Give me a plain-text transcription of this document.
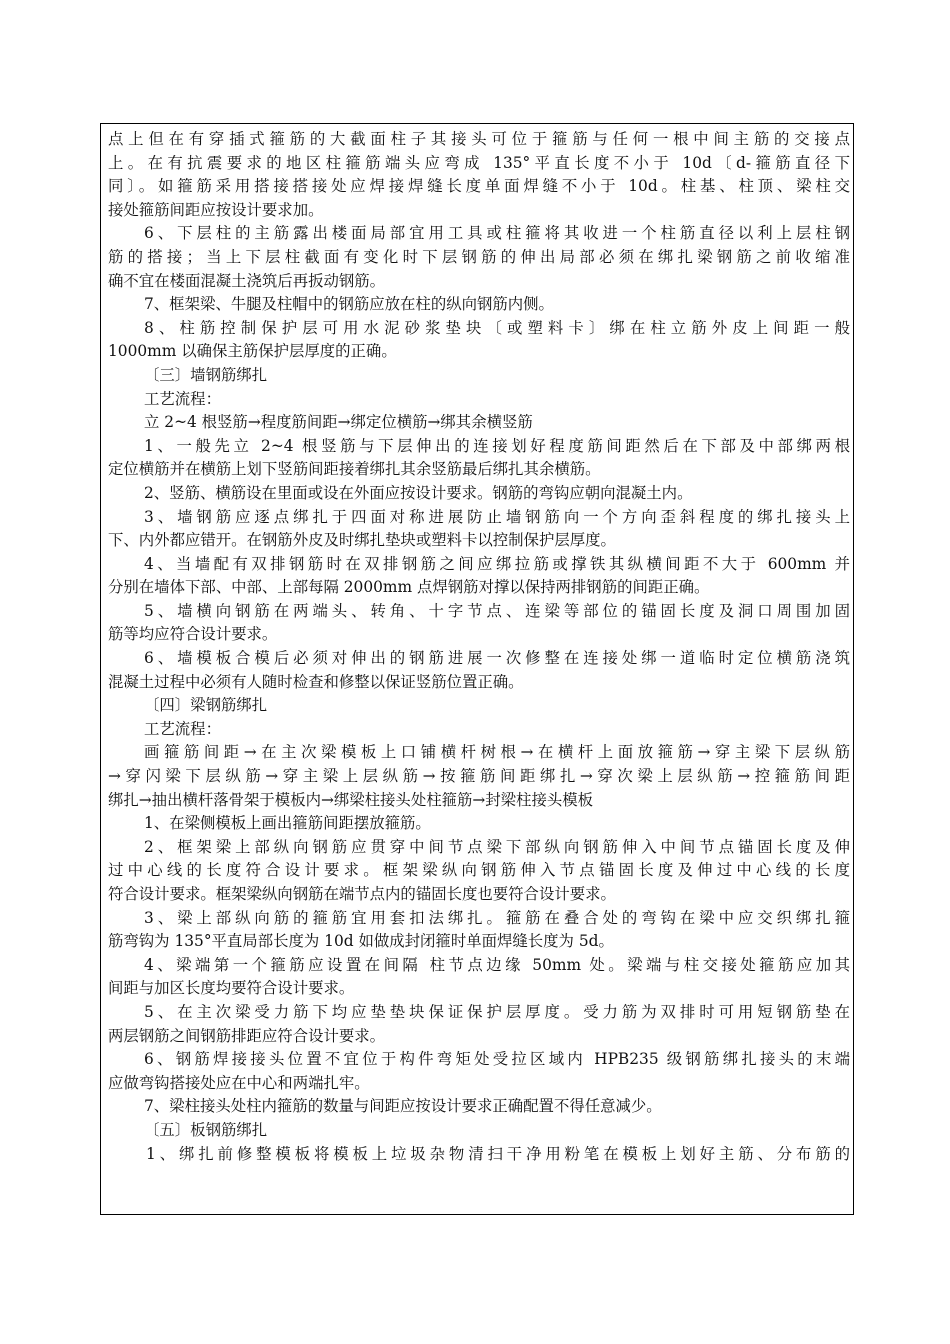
点上但在有穿插式箍筋的大截面柱子其接头可位于箍筋与任何一根中间主筋的交接点
上。在有抗震要求的地区柱箍筋端头应弯成 135°平直长度不小于 10d〔d-箍筋直径下
同〕。如箍筋采用搭接搭接处应焊接焊缝长度单面焊缝不小于 10d。柱基、柱顶、梁柱交
接处箍筋间距应按设计要求加。
6、下层柱的主筋露出楼面局部宜用工具或柱箍将其收进一个柱筋直径以利上层柱钢
筋的搭接；当上下层柱截面有变化时下层钢筋的伸出局部必须在绑扎梁钢筋之前收缩准
确不宜在楼面混凝土浇筑后再扳动钢筋。
7、框架梁、牛腿及柱帽中的钢筋应放在柱的纵向钢筋内侧。
8、柱筋控制保护层可用水泥砂浆垫块〔或塑料卡〕绑在柱立筋外皮上间距一般
1000mm 以确保主筋保护层厚度的正确。
〔三〕墙钢筋绑扎
工艺流程：
立 2~4 根竖筋→程度筋间距→绑定位横筋→绑其余横竖筋
1、一般先立 2~4 根竖筋与下层伸出的连接划好程度筋间距然后在下部及中部绑两根
定位横筋并在横筋上划下竖筋间距接着绑扎其余竖筋最后绑扎其余横筋。
2、竖筋、横筋设在里面或设在外面应按设计要求。钢筋的弯钩应朝向混凝土内。
3、墙钢筋应逐点绑扎于四面对称进展防止墙钢筋向一个方向歪斜程度的绑扎接头上
下、内外都应错开。在钢筋外皮及时绑扎垫块或塑料卡以控制保护层厚度。
4、当墙配有双排钢筋时在双排钢筋之间应绑拉筋或撑铁其纵横间距不大于 600mm 并
分别在墙体下部、中部、上部每隔 2000mm 点焊钢筋对撑以保持两排钢筋的间距正确。
5、墙横向钢筋在两端头、转角、十字节点、连梁等部位的锚固长度及洞口周围加固
筋等均应符合设计要求。
6、墙模板合模后必须对伸出的钢筋进展一次修整在连接处绑一道临时定位横筋浇筑
混凝土过程中必须有人随时检查和修整以保证竖筋位置正确。
〔四〕梁钢筋绑扎
工艺流程：
画箍筋间距→在主次梁模板上口铺横杆树根→在横杆上面放箍筋→穿主梁下层纵筋
→穿闪梁下层纵筋→穿主梁上层纵筋→按箍筋间距绑扎→穿次梁上层纵筋→控箍筋间距
绑扎→抽出横杆落骨架于模板内→绑梁柱接头处柱箍筋→封梁柱接头模板
1、在梁侧模板上画出箍筋间距摆放箍筋。
2、框架梁上部纵向钢筋应贯穿中间节点梁下部纵向钢筋伸入中间节点锚固长度及伸
过中心线的长度符合设计要求。框架梁纵向钢筋伸入节点锚固长度及伸过中心线的长度
符合设计要求。框架梁纵向钢筋在端节点内的锚固长度也要符合设计要求。
3、梁上部纵向筋的箍筋宜用套扣法绑扎。箍筋在叠合处的弯钩在梁中应交织绑扎箍
筋弯钩为 135°平直局部长度为 10d 如做成封闭箍时单面焊缝长度为 5d。
4、梁端第一个箍筋应设置在间隔 柱节点边缘 50mm 处。梁端与柱交接处箍筋应加其
间距与加区长度均要符合设计要求。
5、在主次梁受力筋下均应垫垫块保证保护层厚度。受力筋为双排时可用短钢筋垫在
两层钢筋之间钢筋排距应符合设计要求。
6、钢筋焊接接头位置不宜位于构件弯矩处受拉区域内 HPB235 级钢筋绑扎接头的末端
应做弯钩搭接处应在中心和两端扎牢。
7、梁柱接头处柱内箍筋的数量与间距应按设计要求正确配置不得任意减少。
〔五〕板钢筋绑扎
1、绑扎前修整模板将模板上垃圾杂物清扫干净用粉笔在模板上划好主筋、分布筋的
